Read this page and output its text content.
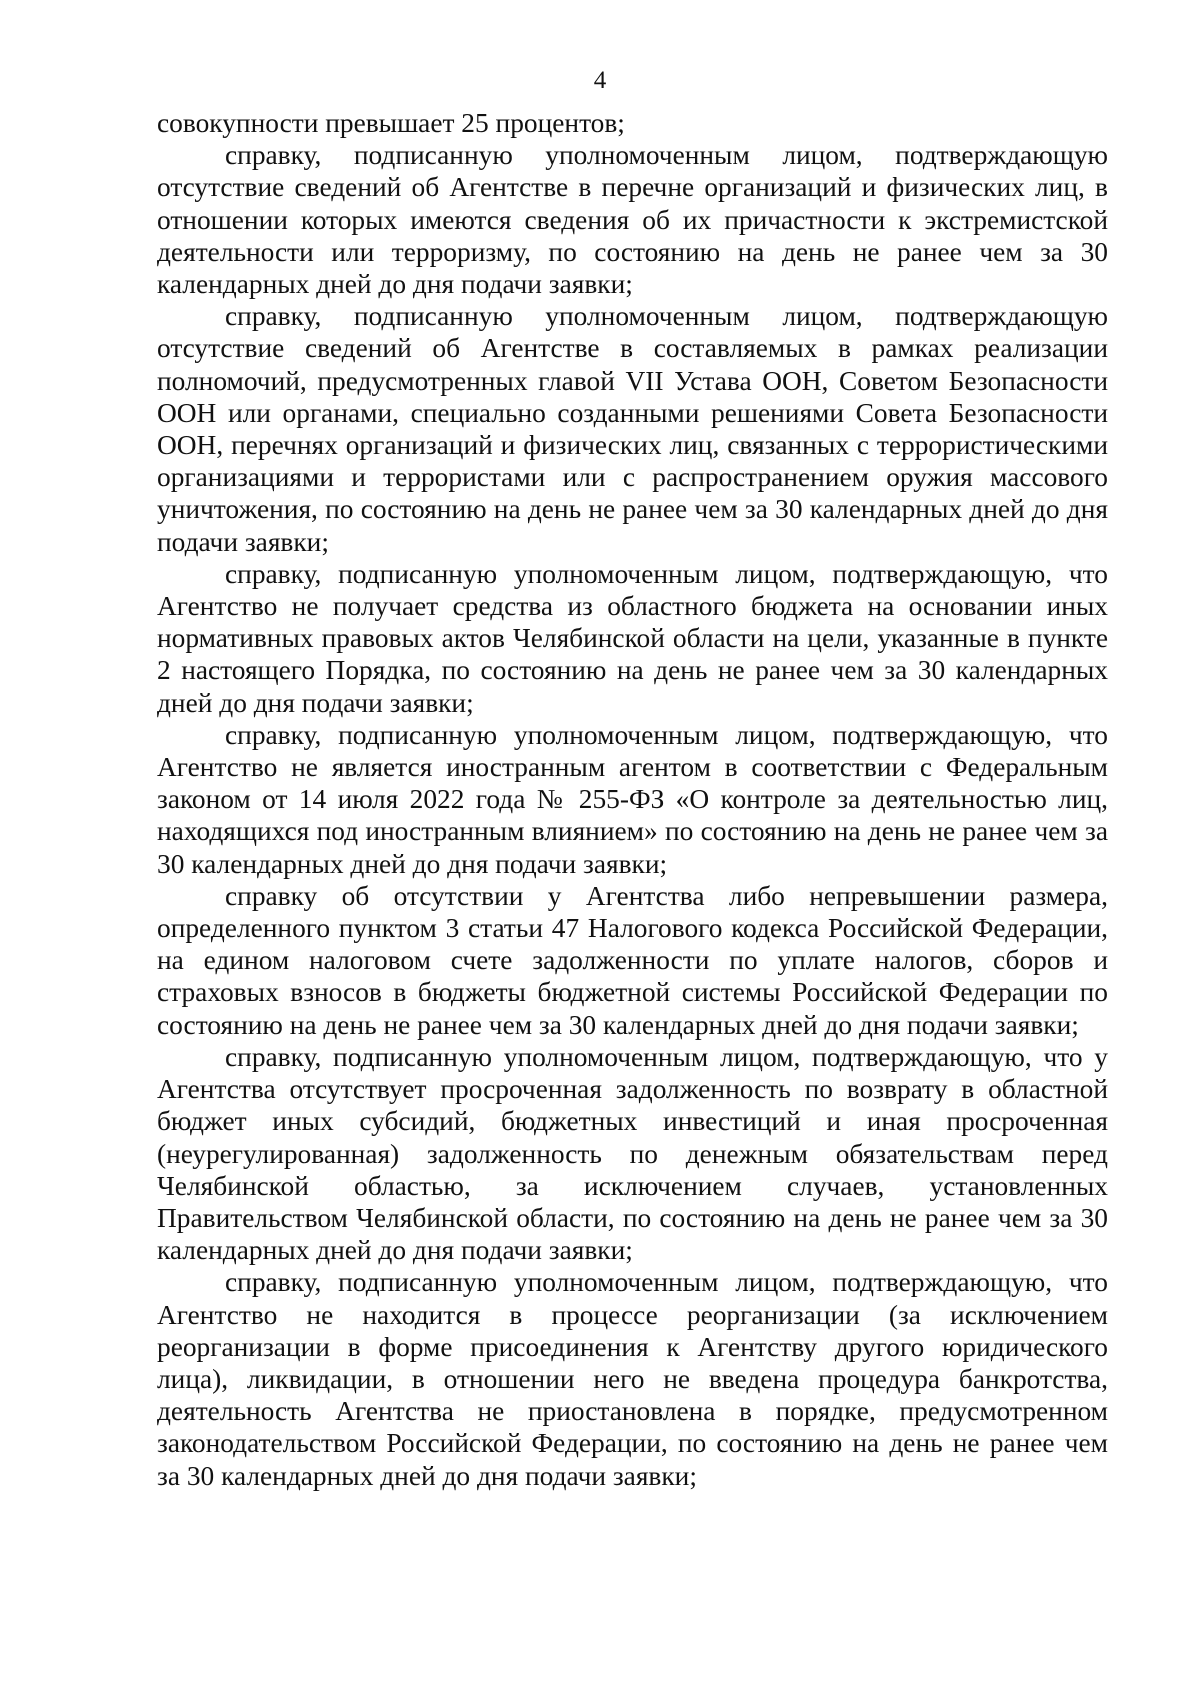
4

совокупности превышает 25 процентов;

справку, подписанную уполномоченным лицом, подтверждающую отсутствие сведений об Агентстве в перечне организаций и физических лиц, в отношении которых имеются сведения об их причастности к экстремистской деятельности или терроризму, по состоянию на день не ранее чем за 30 календарных дней до дня подачи заявки;

справку, подписанную уполномоченным лицом, подтверждающую отсутствие сведений об Агентстве в составляемых в рамках реализации полномочий, предусмотренных главой VII Устава ООН, Советом Безопасности ООН или органами, специально созданными решениями Совета Безопасности ООН, перечнях организаций и физических лиц, связанных с террористическими организациями и террористами или с распространением оружия массового уничтожения, по состоянию на день не ранее чем за 30 календарных дней до дня подачи заявки;

справку, подписанную уполномоченным лицом, подтверждающую, что Агентство не получает средства из областного бюджета на основании иных нормативных правовых актов Челябинской области на цели, указанные в пункте 2 настоящего Порядка, по состоянию на день не ранее чем за 30 календарных дней до дня подачи заявки;

справку, подписанную уполномоченным лицом, подтверждающую, что Агентство не является иностранным агентом в соответствии с Федеральным законом от 14 июля 2022 года № 255-ФЗ «О контроле за деятельностью лиц, находящихся под иностранным влиянием» по состоянию на день не ранее чем за 30 календарных дней до дня подачи заявки;

справку об отсутствии у Агентства либо непревышении размера, определенного пунктом 3 статьи 47 Налогового кодекса Российской Федерации, на едином налоговом счете задолженности по уплате налогов, сборов и страховых взносов в бюджеты бюджетной системы Российской Федерации по состоянию на день не ранее чем за 30 календарных дней до дня подачи заявки;

справку, подписанную уполномоченным лицом, подтверждающую, что у Агентства отсутствует просроченная задолженность по возврату в областной бюджет иных субсидий, бюджетных инвестиций и иная просроченная (неурегулированная) задолженность по денежным обязательствам перед Челябинской областью, за исключением случаев, установленных Правительством Челябинской области, по состоянию на день не ранее чем за 30 календарных дней до дня подачи заявки;

справку, подписанную уполномоченным лицом, подтверждающую, что Агентство не находится в процессе реорганизации (за исключением реорганизации в форме присоединения к Агентству другого юридического лица), ликвидации, в отношении него не введена процедура банкротства, деятельность Агентства не приостановлена в порядке, предусмотренном законодательством Российской Федерации, по состоянию на день не ранее чем за 30 календарных дней до дня подачи заявки;
